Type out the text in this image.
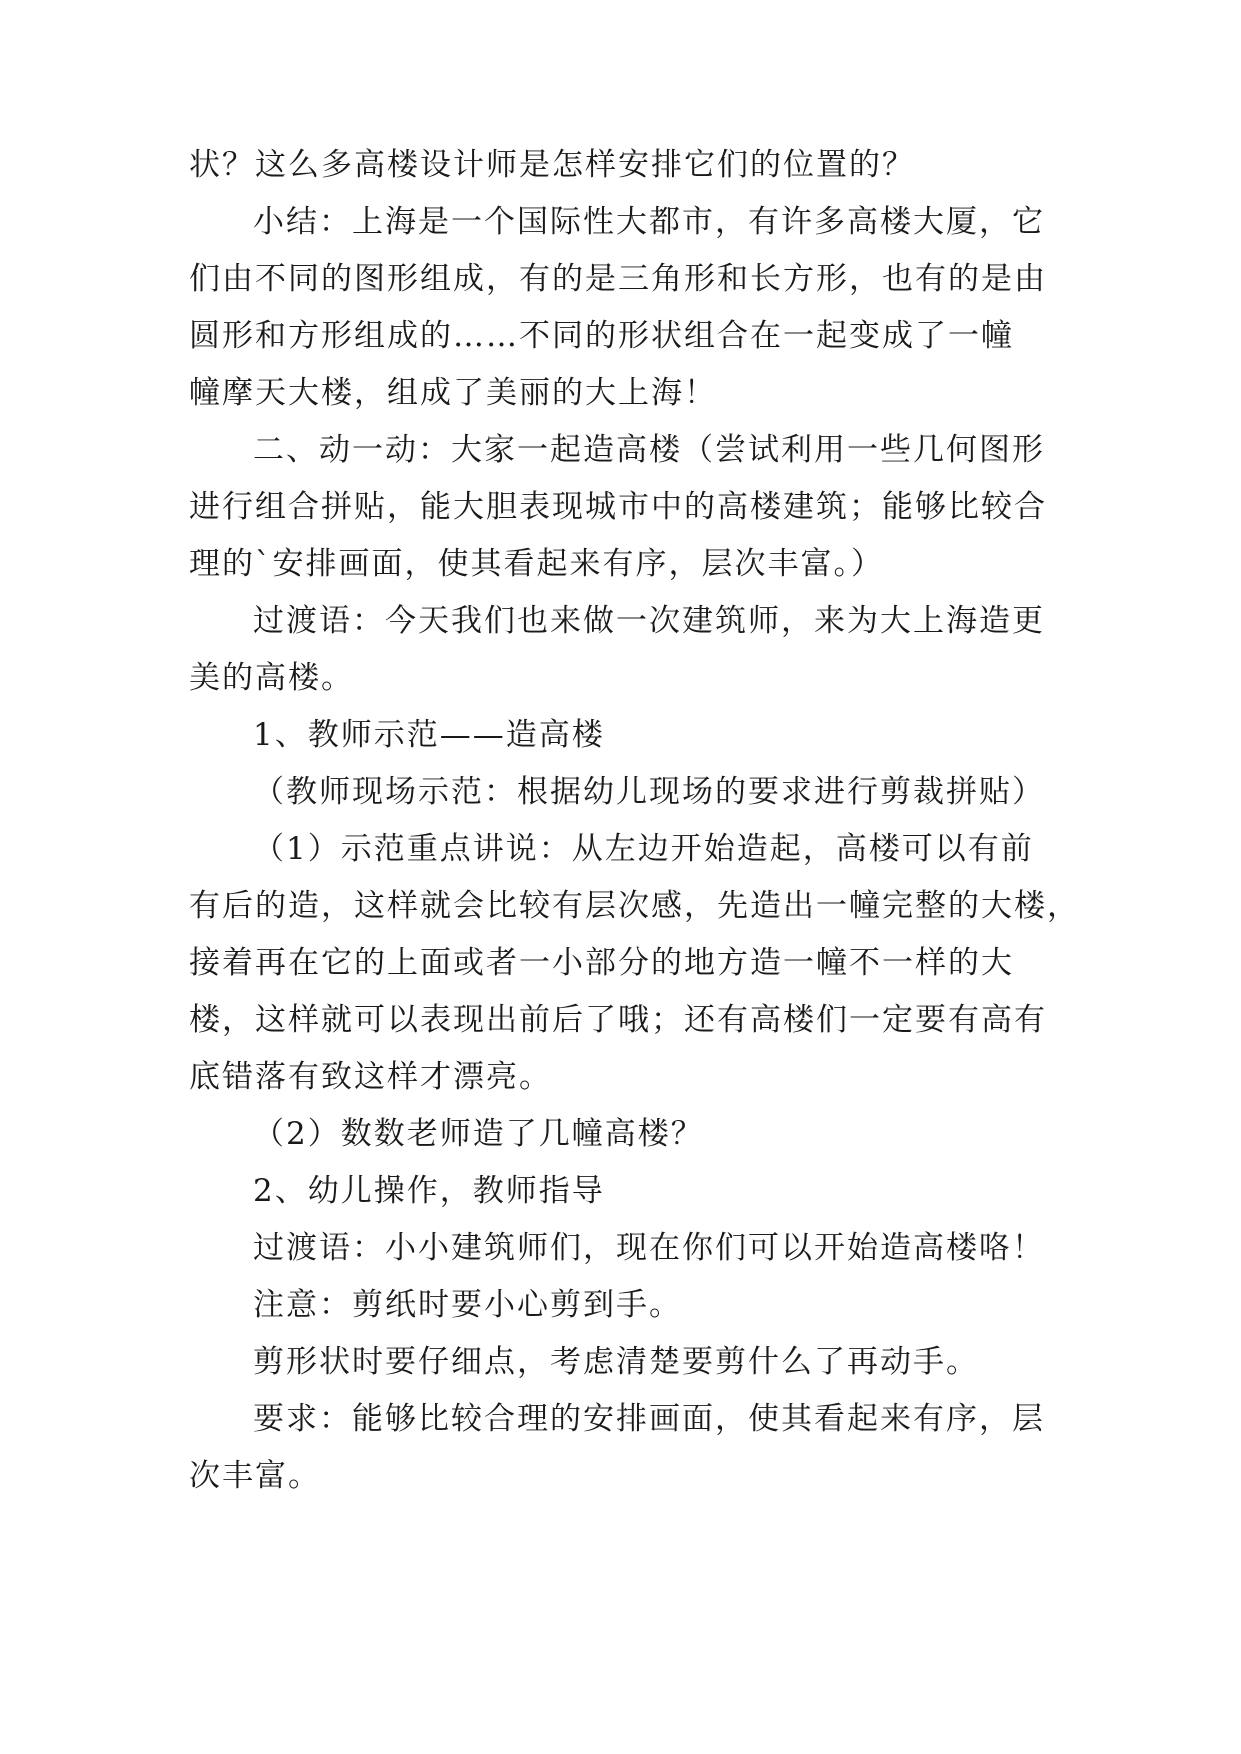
状？这么多高楼设计师是怎样安排它们的位置的？
小结：上海是一个国际性大都市，有许多高楼大厦，它
们由不同的图形组成，有的是三角形和长方形，也有的是由
圆形和方形组成的……不同的形状组合在一起变成了一幢
幢摩天大楼，组成了美丽的大上海！
二、动一动：大家一起造高楼（尝试利用一些几何图形
进行组合拼贴，能大胆表现城市中的高楼建筑；能够比较合
理的`安排画面，使其看起来有序，层次丰富。）
过渡语：今天我们也来做一次建筑师，来为大上海造更
美的高楼。
1、教师示范——造高楼
（教师现场示范：根据幼儿现场的要求进行剪裁拼贴）
（1）示范重点讲说：从左边开始造起，高楼可以有前
有后的造，这样就会比较有层次感，先造出一幢完整的大楼，
接着再在它的上面或者一小部分的地方造一幢不一样的大
楼，这样就可以表现出前后了哦；还有高楼们一定要有高有
底错落有致这样才漂亮。
（2）数数老师造了几幢高楼？
2、幼儿操作，教师指导
过渡语：小小建筑师们，现在你们可以开始造高楼咯！
注意：剪纸时要小心剪到手。
剪形状时要仔细点，考虑清楚要剪什么了再动手。
要求：能够比较合理的安排画面，使其看起来有序，层
次丰富。
